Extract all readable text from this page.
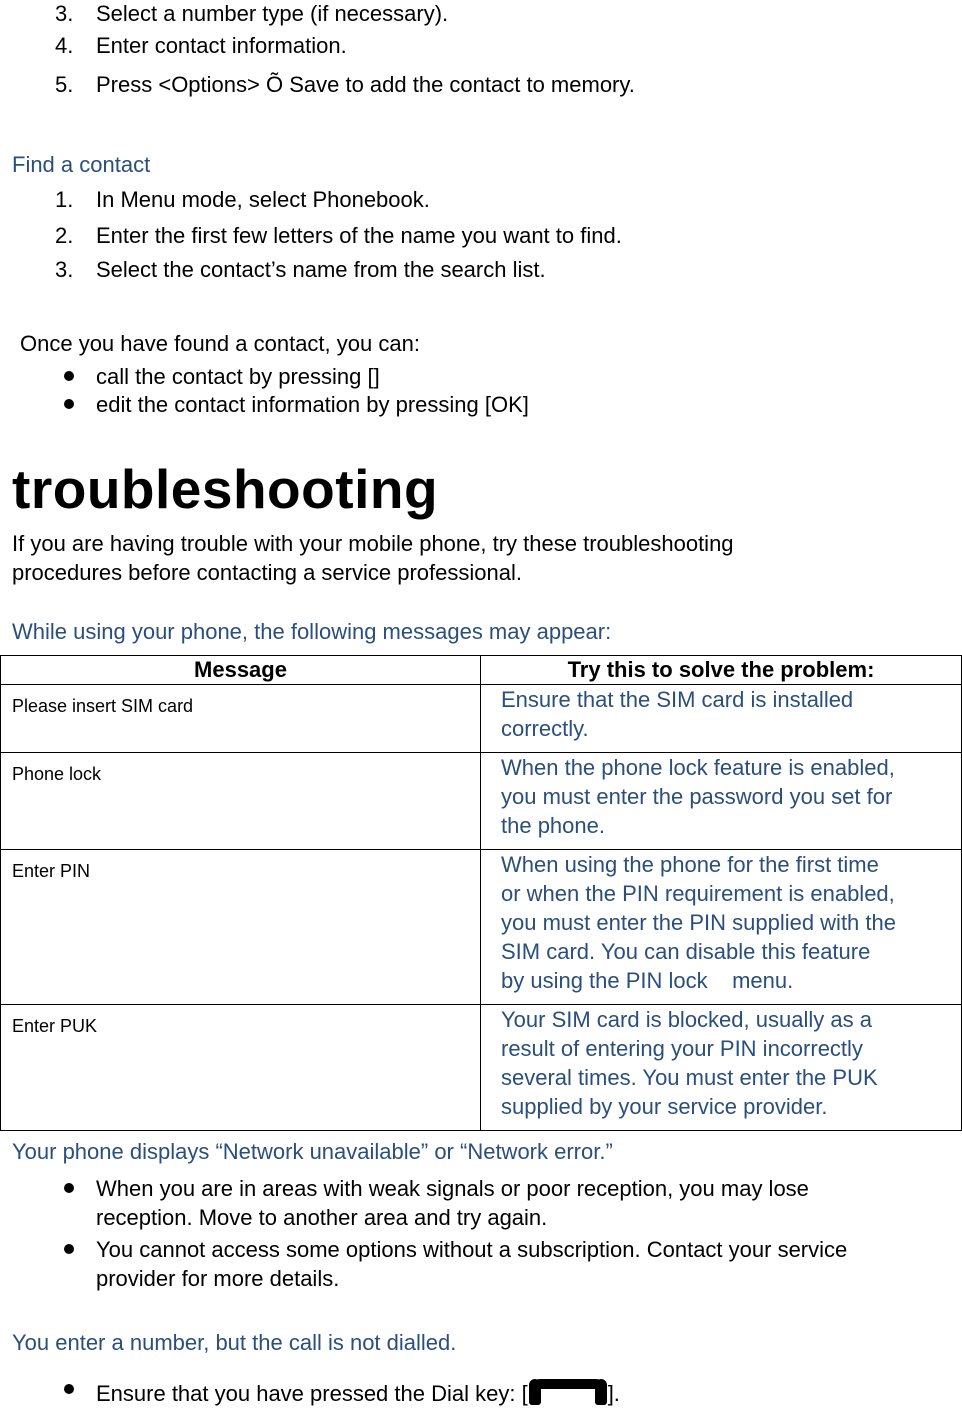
3. Select a number type (if necessary).
4. Enter contact information.
5. Press <Options> Õ Save to add the contact to memory.
Find a contact
1. In Menu mode, select Phonebook.
2. Enter the first few letters of the name you want to find.
3. Select the contact’s name from the search list.
Once you have found a contact, you can:
call the contact by pressing []
edit the contact information by pressing [OK]
troubleshooting
If you are having trouble with your mobile phone, try these troubleshooting
procedures before contacting a service professional.
While using your phone, the following messages may appear:
Message	Try this to solve the problem:
Please insert SIM card	Ensure that the SIM card is installed
correctly.

Phone lock	When the phone lock feature is enabled,
you must enter the password you set for
the phone.

Enter PIN	When using the phone for the first time
or when the PIN requirement is enabled,
you must enter the PIN supplied with the
SIM card. You can disable this feature
by using the PIN lock    menu.

Enter PUK	Your SIM card is blocked, usually as a
result of entering your PIN incorrectly
several times. You must enter the PUK
supplied by your service provider.
Your phone displays “Network unavailable” or “Network error.”
When you are in areas with weak signals or poor reception, you may lose
reception. Move to another area and try again.
You cannot access some options without a subscription. Contact your service
provider for more details.
You enter a number, but the call is not dialled.
Ensure that you have pressed the Dial key: [	].
